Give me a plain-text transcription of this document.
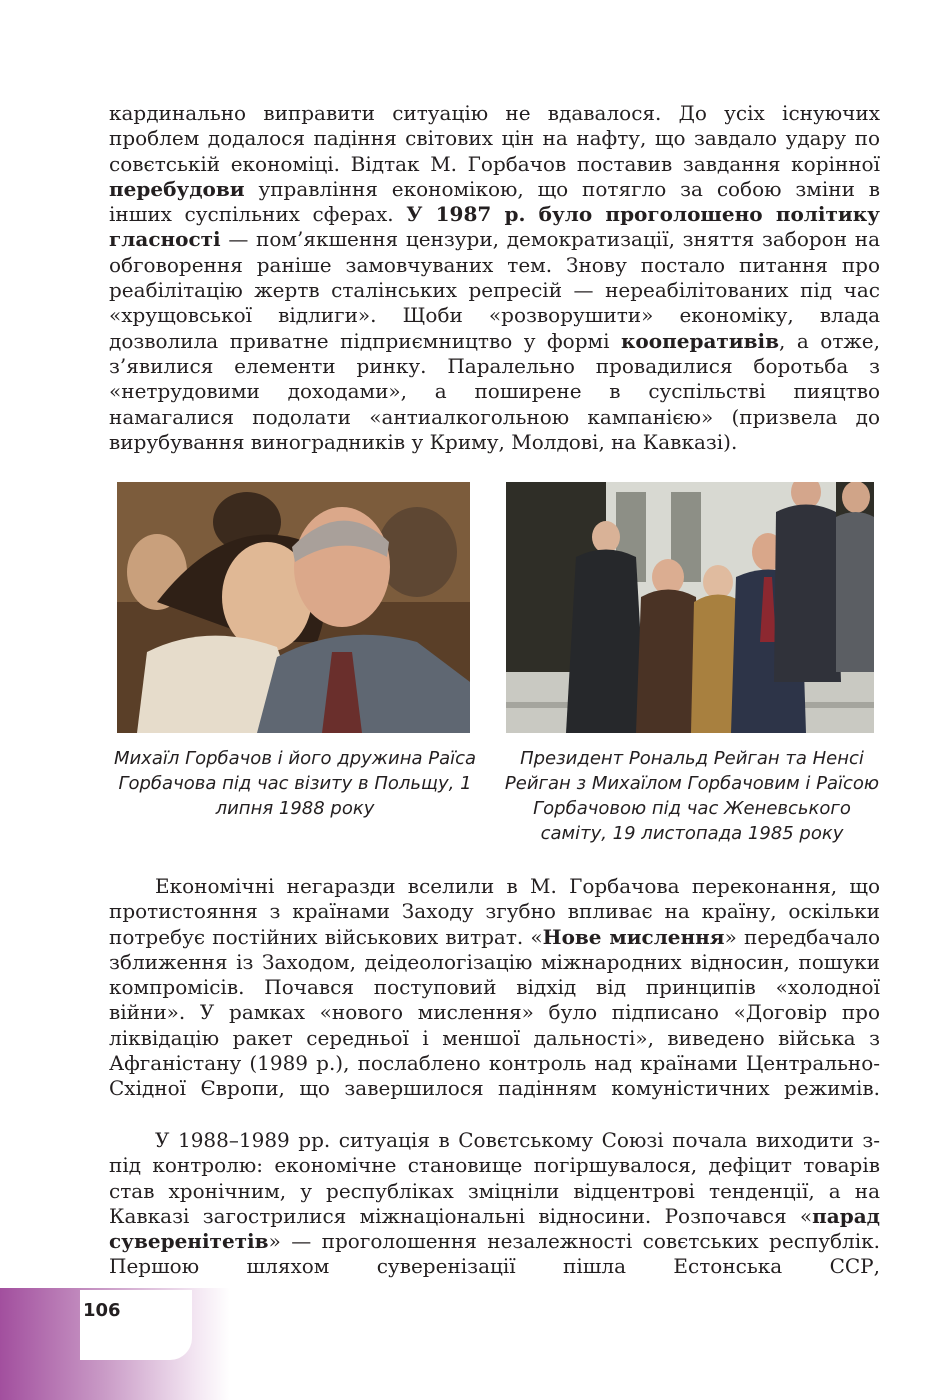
кардинально виправити ситуацію не вдавалося. До усіх існуючих проблем додалося падіння світових цін на нафту, що завдало удару по совєтській економіці. Відтак М. Горбачов поставив завдання корінної перебудови управління економікою, що потягло за собою зміни в інших суспільних сферах. У 1987 р. було проголошено політику гласності — пом’якшення цензури, демократизації, зняття заборон на обговорення раніше замовчуваних тем. Знову постало питання про реабілітацію жертв сталінських репресій — нереабілітованих під час «хрущовської відлиги». Щоби «розворушити» економіку, влада дозволила приватне підприємництво у формі кооперативів, а отже, з’явилися елементи ринку. Паралельно провадилися боротьба з «нетрудовими доходами», а поширене в суспільстві пияцтво намагалися подолати «антиалкогольною кампанією» (призвела до вирубування виноградників у Криму, Молдові, на Кавказі).

Михаїл Горбачов і його дружина Раїса Горбачова під час візиту в Польщу, 1 липня 1988 року

Президент Рональд Рейган та Ненсі Рейган з Михаїлом Горбачовим і Раїсою Горбачовою під час Женевського саміту, 19 листопада 1985 року

Економічні негаразди вселили в М. Горбачова переконання, що протистояння з країнами Заходу згубно впливає на країну, оскільки потребує постійних військових витрат. «Нове мислення» передбачало зближення із Заходом, деідеологізацію міжнародних відносин, пошуки компромісів. Почався поступовий відхід від принципів «холодної війни». У рамках «нового мислення» було підписано «Договір про ліквідацію ракет середньої і меншої дальності», виведено війська з Афганістану (1989 р.), послаблено контроль над країнами Центрально-Східної Європи, що завершилося падінням комуністичних режимів.

У 1988–1989 рр. ситуація в Совєтському Союзі почала виходити з-під контролю: економічне становище погіршувалося, дефіцит товарів став хронічним, у республіках зміцніли відцентрові тенденції, а на Кавказі загострилися міжнаціональні відносини. Розпочався «парад суверенітетів» — проголошення незалежності совєтських республік. Першою шляхом суверенізації пішла Естонська ССР,

106
